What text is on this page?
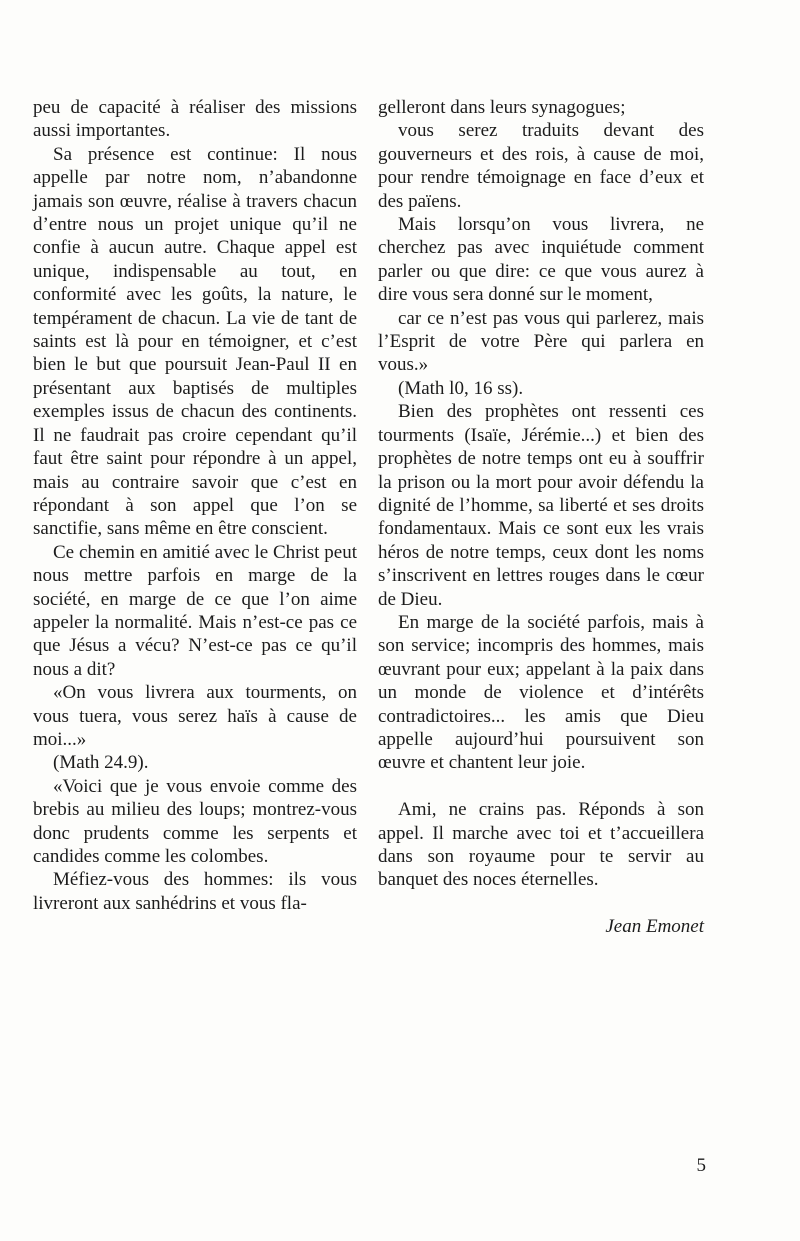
peu de capacité à réaliser des missions aussi importantes.

Sa présence est continue: Il nous appelle par notre nom, n’abandonne jamais son œuvre, réalise à travers chacun d’entre nous un projet unique qu’il ne confie à aucun autre. Chaque appel est unique, indispensable au tout, en conformité avec les goûts, la nature, le tempérament de chacun. La vie de tant de saints est là pour en témoigner, et c’est bien le but que poursuit Jean-Paul II en présentant aux baptisés de multiples exemples issus de chacun des continents. Il ne faudrait pas croire cependant qu’il faut être saint pour répondre à un appel, mais au contraire savoir que c’est en répondant à son appel que l’on se sanctifie, sans même en être conscient.

Ce chemin en amitié avec le Christ peut nous mettre parfois en marge de la société, en marge de ce que l’on aime appeler la normalité. Mais n’est-ce pas ce que Jésus a vécu? N’est-ce pas ce qu’il nous a dit?

«On vous livrera aux tourments, on vous tuera, vous serez haïs à cause de moi...»

(Math 24.9).

«Voici que je vous envoie comme des brebis au milieu des loups; montrez-vous donc prudents comme les serpents et candides comme les colombes.

Méfiez-vous des hommes: ils vous livreront aux sanhédrins et vous fla-

gelleront dans leurs synagogues;

vous serez traduits devant des gouverneurs et des rois, à cause de moi, pour rendre témoignage en face d’eux et des païens.

Mais lorsqu’on vous livrera, ne cherchez pas avec inquiétude comment parler ou que dire: ce que vous aurez à dire vous sera donné sur le moment,

car ce n’est pas vous qui parlerez, mais l’Esprit de votre Père qui parlera en vous.»

(Math l0, 16 ss).

Bien des prophètes ont ressenti ces tourments (Isaïe, Jérémie...) et bien des prophètes de notre temps ont eu à souffrir la prison ou la mort pour avoir défendu la dignité de l’homme, sa liberté et ses droits fondamentaux. Mais ce sont eux les vrais héros de notre temps, ceux dont les noms s’inscrivent en lettres rouges dans le cœur de Dieu.

En marge de la société parfois, mais à son service; incompris des hommes, mais œuvrant pour eux; appelant à la paix dans un monde de violence et d’intérêts contradictoires... les amis que Dieu appelle aujourd’hui poursuivent son œuvre et chantent leur joie.

Ami, ne crains pas. Réponds à son appel. Il marche avec toi et t’accueillera dans son royaume pour te servir au banquet des noces éternelles.

Jean Emonet

5
